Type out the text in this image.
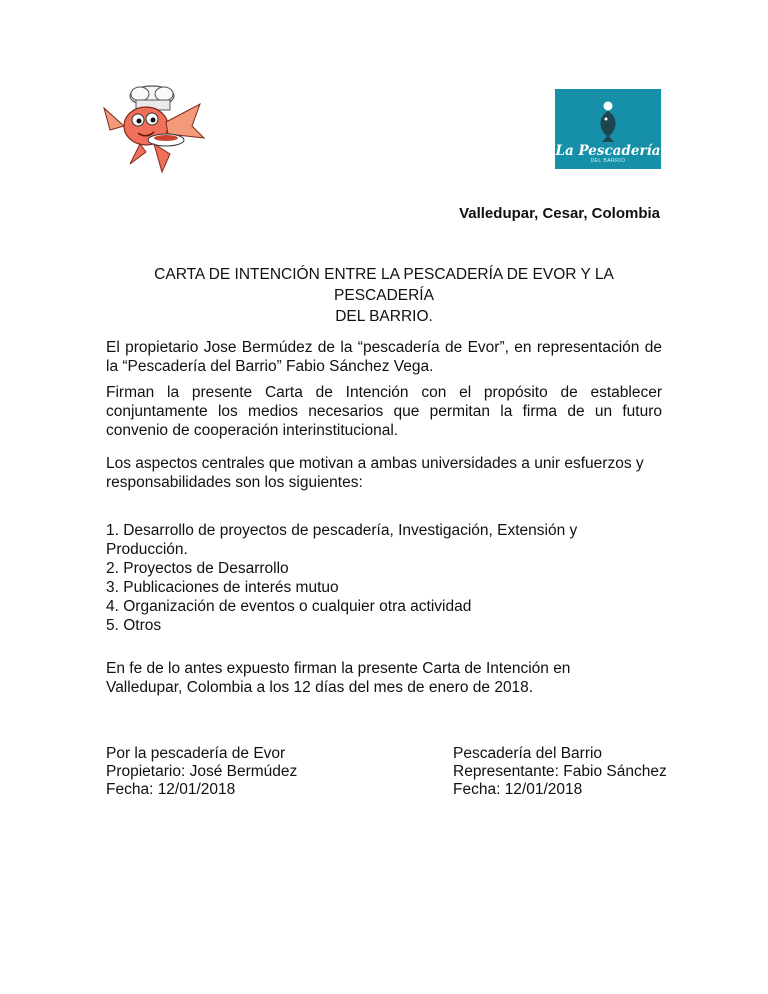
La Pescadería
DEL BARRIO
Valledupar, Cesar, Colombia
CARTA DE INTENCIÓN ENTRE LA PESCADERÍA DE EVOR Y LA PESCADERÍA
DEL BARRIO.
El propietario Jose Bermúdez de la “pescadería de Evor”, en representación de la “Pescadería del Barrio” Fabio Sánchez Vega.
Firman la presente Carta de Intención con el propósito de establecer conjuntamente los medios necesarios que permitan la firma de un futuro convenio de cooperación interinstitucional.
Los aspectos centrales que motivan a ambas universidades a unir esfuerzos y
responsabilidades son los siguientes:
1. Desarrollo de proyectos de pescadería, Investigación, Extensión y
Producción.
2. Proyectos de Desarrollo
3. Publicaciones de interés mutuo
4. Organización de eventos o cualquier otra actividad
5. Otros
En fe de lo antes expuesto firman la presente Carta de Intención en
Valledupar, Colombia a los 12 días del mes de enero de 2018.
Por la pescadería de Evor
Propietario: José Bermúdez
Fecha: 12/01/2018
Pescadería del Barrio
Representante: Fabio Sánchez
Fecha: 12/01/2018
